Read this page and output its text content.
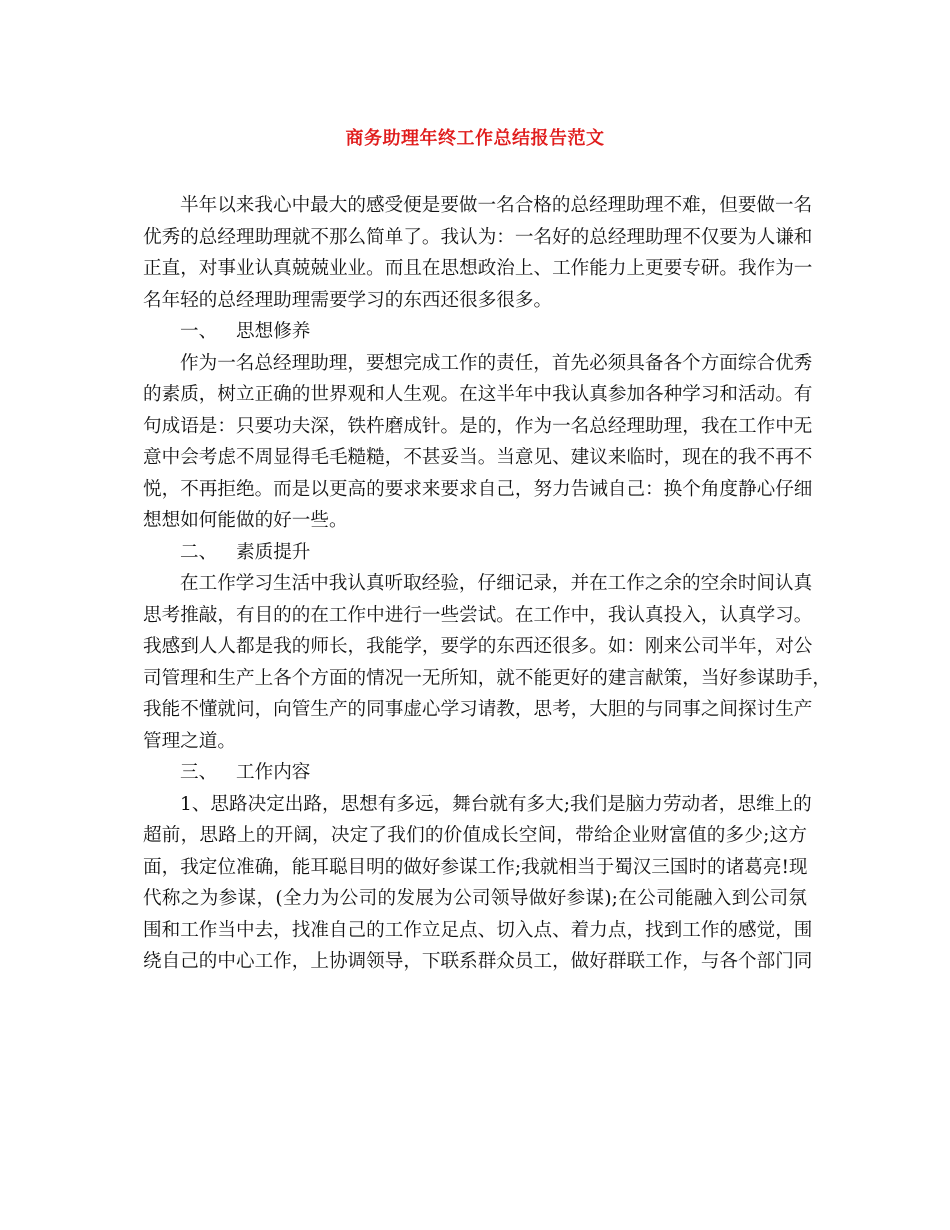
商务助理年终工作总结报告范文

半年以来我心中最大的感受便是要做一名合格的总经理助理不难，但要做一名
优秀的总经理助理就不那么简单了。我认为：一名好的总经理助理不仅要为人谦和
正直，对事业认真兢兢业业。而且在思想政治上、工作能力上更要专研。我作为一
名年轻的总经理助理需要学习的东西还很多很多。

一、 思想修养

作为一名总经理助理，要想完成工作的责任，首先必须具备各个方面综合优秀
的素质，树立正确的世界观和人生观。在这半年中我认真参加各种学习和活动。有
句成语是：只要功夫深，铁杵磨成针。是的，作为一名总经理助理，我在工作中无
意中会考虑不周显得毛毛糙糙，不甚妥当。当意见、建议来临时，现在的我不再不
悦，不再拒绝。而是以更高的要求来要求自己，努力告诫自己：换个角度静心仔细
想想如何能做的好一些。

二、 素质提升

在工作学习生活中我认真听取经验，仔细记录，并在工作之余的空余时间认真
思考推敲，有目的的在工作中进行一些尝试。在工作中，我认真投入，认真学习。
我感到人人都是我的师长，我能学，要学的东西还很多。如：刚来公司半年，对公
司管理和生产上各个方面的情况一无所知，就不能更好的建言献策，当好参谋助手，
我能不懂就问，向管生产的同事虚心学习请教，思考，大胆的与同事之间探讨生产
管理之道。

三、 工作内容

1、思路决定出路，思想有多远，舞台就有多大;我们是脑力劳动者，思维上的
超前，思路上的开阔，决定了我们的价值成长空间，带给企业财富值的多少;这方
面，我定位准确，能耳聪目明的做好参谋工作;我就相当于蜀汉三国时的诸葛亮!现
代称之为参谋，(全力为公司的发展为公司领导做好参谋);在公司能融入到公司氛
围和工作当中去，找准自己的工作立足点、切入点、着力点，找到工作的感觉，围
绕自己的中心工作，上协调领导，下联系群众员工，做好群联工作，与各个部门同
